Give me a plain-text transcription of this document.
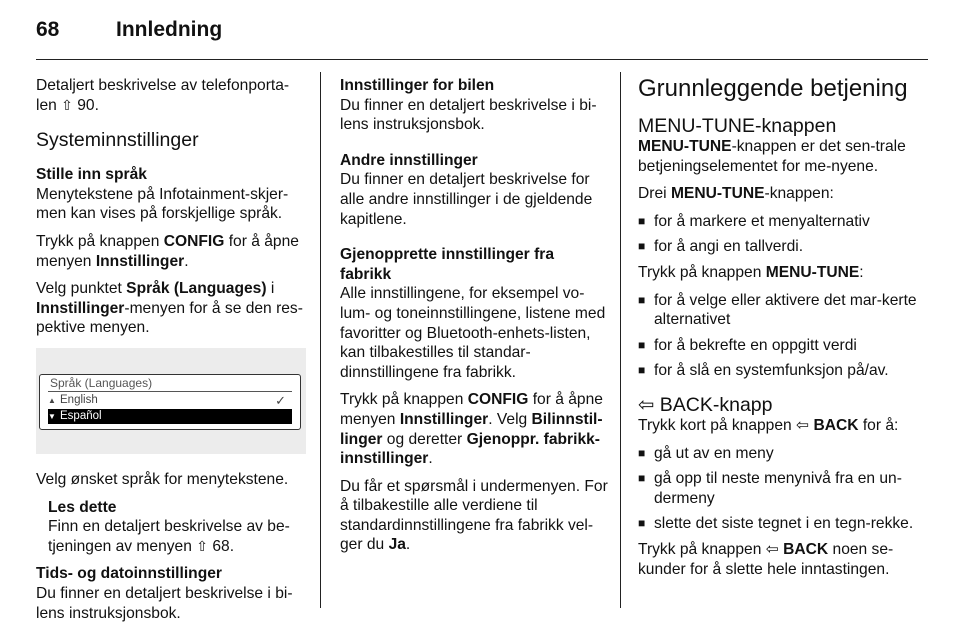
68	Innledning

Detaljert beskrivelse av telefonporta-len ⇧ 90.

Systeminnstillinger
Stille inn språk

Menytekstene på Infotainment-skjer-men kan vises på forskjellige språk.

Trykk på knappen CONFIG for å åpne menyen Innstillinger.

Velg punktet Språk (Languages) i Innstillinger-menyen for å se den res-pektive menyen.

Språk (Languages)
▲ English	✓
▼ Español

Velg ønsket språk for menytekstene.

Les dette

Finn en detaljert beskrivelse av be-tjeningen av menyen ⇧ 68.

Tids- og datoinnstillinger

Du finner en detaljert beskrivelse i bi-lens instruksjonsbok.

Innstillinger for bilen

Du finner en detaljert beskrivelse i bi-lens instruksjonsbok.

Andre innstillinger

Du finner en detaljert beskrivelse for alle andre innstillinger i de gjeldende kapitlene.

Gjenopprette innstillinger fra fabrikk

Alle innstillingene, for eksempel vo-lum- og toneinnstillingene, listene med favoritter og Bluetooth-enhets-listen, kan tilbakestilles til standar-dinnstillingene fra fabrikk.

Trykk på knappen CONFIG for å åpne menyen Innstillinger. Velg Bilinnstil-linger og deretter Gjenoppr. fabrikk-innstillinger.

Du får et spørsmål i undermenyen. For å tilbakestille alle verdiene til standardinnstillingene fra fabrikk vel-ger du Ja.

Grunnleggende betjening
MENU-TUNE-knappen

MENU-TUNE-knappen er det sen-trale betjeningselementet for me-nyene.

Drei MENU-TUNE-knappen:

■ for å markere et menyalternativ
■ for å angi en tallverdi.

Trykk på knappen MENU-TUNE:

■ for å velge eller aktivere det mar-kerte alternativet
■ for å bekrefte en oppgitt verdi
■ for å slå en systemfunksjon på/av.
⇦ BACK-knapp

Trykk kort på knappen ⇦ BACK for å:

■ gå ut av en meny
■ gå opp til neste menynivå fra en un-dermeny
■ slette det siste tegnet i en tegn-rekke.

Trykk på knappen ⇦ BACK noen se-kunder for å slette hele inntastingen.
